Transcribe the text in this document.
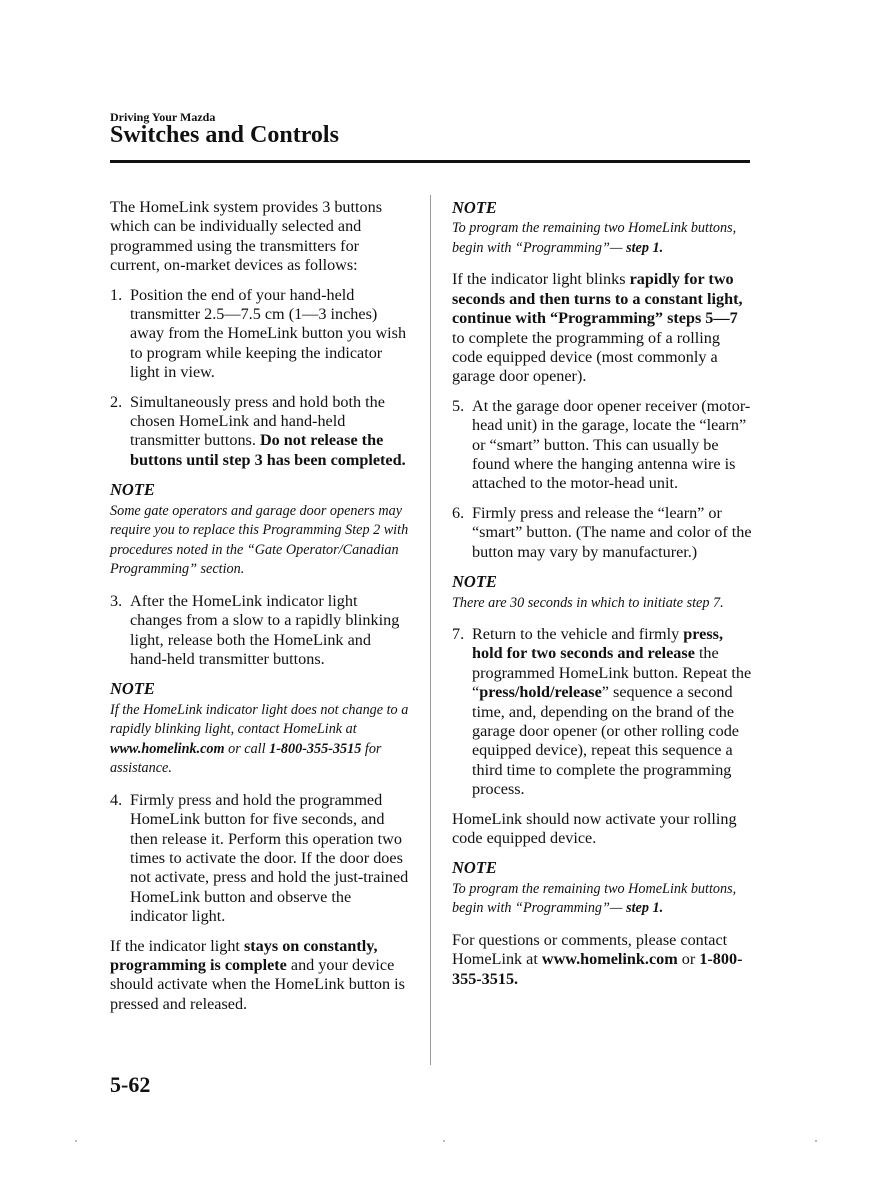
Driving Your Mazda
Switches and Controls

The HomeLink system provides 3 buttons which can be individually selected and programmed using the transmitters for current, on-market devices as follows:

1. Position the end of your hand-held transmitter 2.5—7.5 cm (1—3 inches) away from the HomeLink button you wish to program while keeping the indicator light in view.
2. Simultaneously press and hold both the chosen HomeLink and hand-held transmitter buttons. Do not release the buttons until step 3 has been completed.
NOTE
Some gate operators and garage door openers may require you to replace this Programming Step 2 with procedures noted in the “Gate Operator/Canadian Programming” section.
3. After the HomeLink indicator light changes from a slow to a rapidly blinking light, release both the HomeLink and hand-held transmitter buttons.
NOTE
If the HomeLink indicator light does not change to a rapidly blinking light, contact HomeLink at www.homelink.com or call 1-800-355-3515 for assistance.
4. Firmly press and hold the programmed HomeLink button for five seconds, and then release it. Perform this operation two times to activate the door. If the door does not activate, press and hold the just-trained HomeLink button and observe the indicator light.

If the indicator light stays on constantly, programming is complete and your device should activate when the HomeLink button is pressed and released.

NOTE
To program the remaining two HomeLink buttons, begin with “Programming”— step 1.

If the indicator light blinks rapidly for two seconds and then turns to a constant light, continue with “Programming” steps 5—7 to complete the programming of a rolling code equipped device (most commonly a garage door opener).

5. At the garage door opener receiver (motor-head unit) in the garage, locate the “learn” or “smart” button. This can usually be found where the hanging antenna wire is attached to the motor-head unit.
6. Firmly press and release the “learn” or “smart” button. (The name and color of the button may vary by manufacturer.)
NOTE
There are 30 seconds in which to initiate step 7.
7. Return to the vehicle and firmly press, hold for two seconds and release the programmed HomeLink button. Repeat the “press/hold/release” sequence a second time, and, depending on the brand of the garage door opener (or other rolling code equipped device), repeat this sequence a third time to complete the programming process.

HomeLink should now activate your rolling code equipped device.

NOTE
To program the remaining two HomeLink buttons, begin with “Programming”— step 1.

For questions or comments, please contact HomeLink at www.homelink.com or 1-800-355-3515.

5-62
